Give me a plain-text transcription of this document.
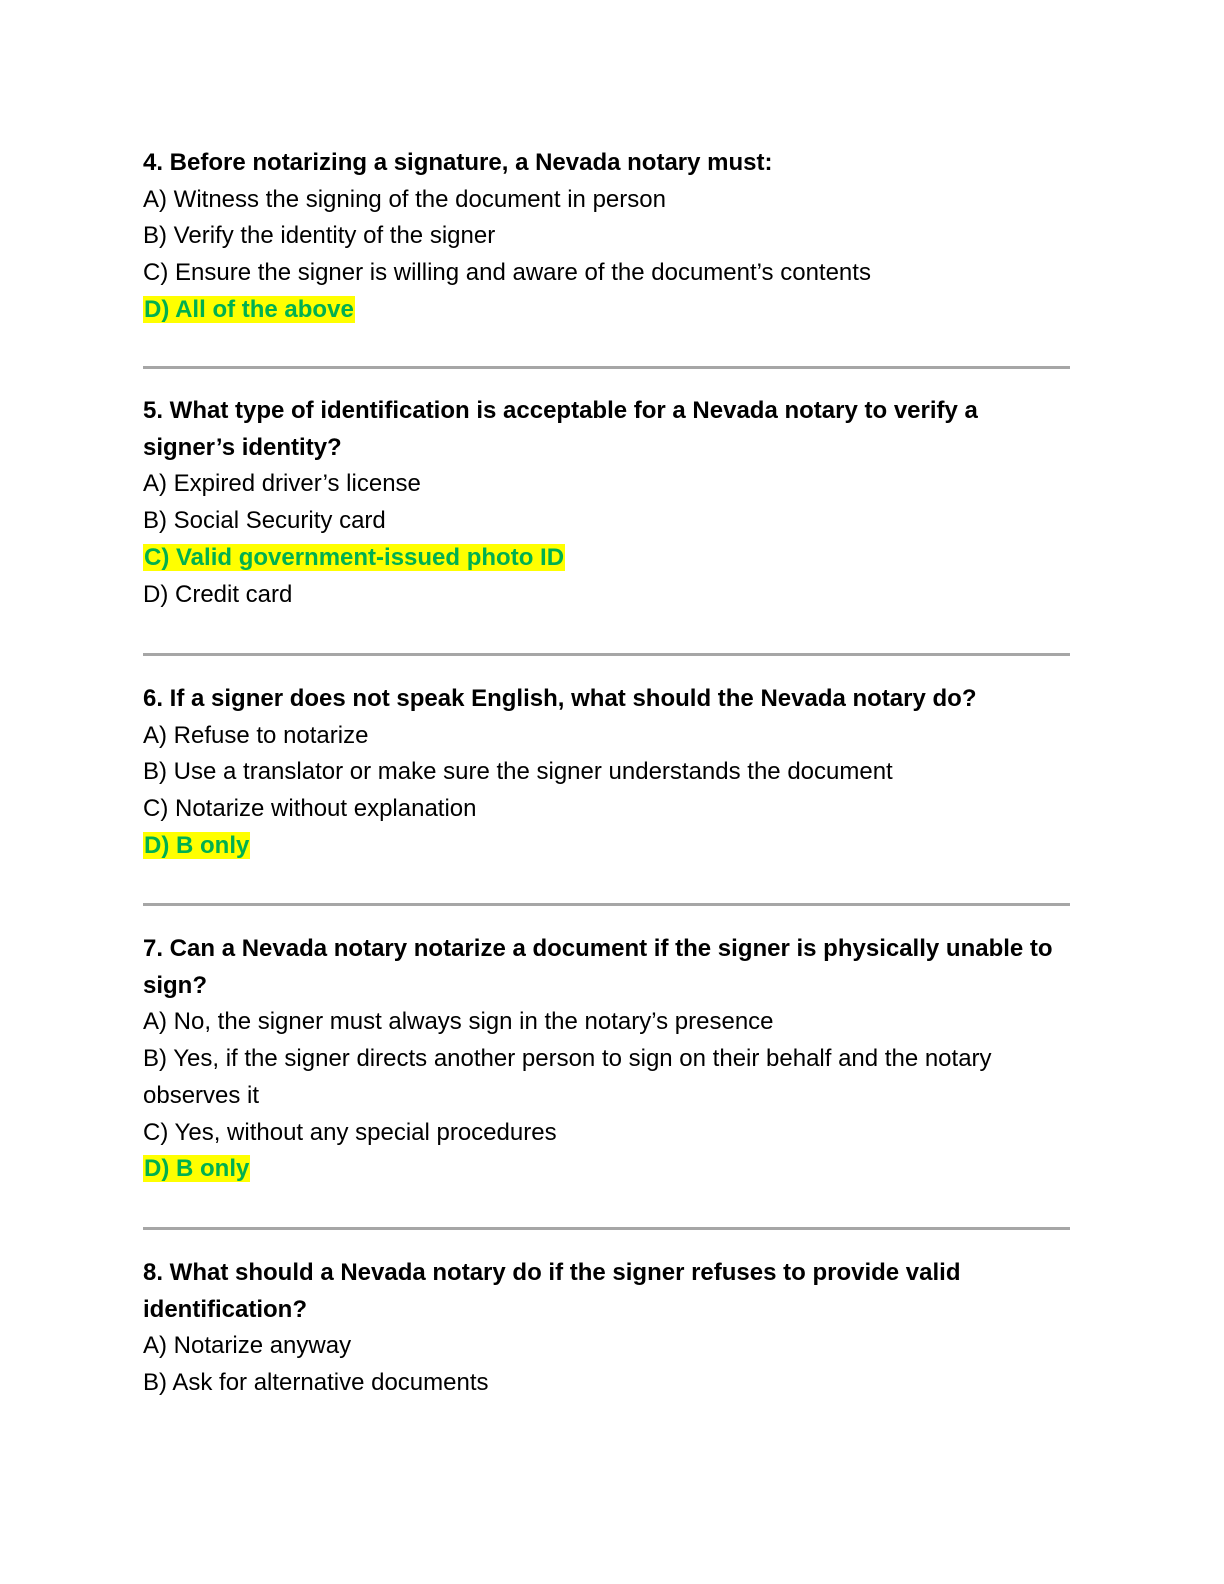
4. Before notarizing a signature, a Nevada notary must:

A) Witness the signing of the document in person

B) Verify the identity of the signer

C) Ensure the signer is willing and aware of the document’s contents

D) All of the above

5. What type of identification is acceptable for a Nevada notary to verify a signer’s identity?

A) Expired driver’s license

B) Social Security card

C) Valid government-issued photo ID

D) Credit card

6. If a signer does not speak English, what should the Nevada notary do?

A) Refuse to notarize

B) Use a translator or make sure the signer understands the document

C) Notarize without explanation

D) B only

7. Can a Nevada notary notarize a document if the signer is physically unable to sign?

A) No, the signer must always sign in the notary’s presence

B) Yes, if the signer directs another person to sign on their behalf and the notary observes it

C) Yes, without any special procedures

D) B only

8. What should a Nevada notary do if the signer refuses to provide valid identification?

A) Notarize anyway

B) Ask for alternative documents
